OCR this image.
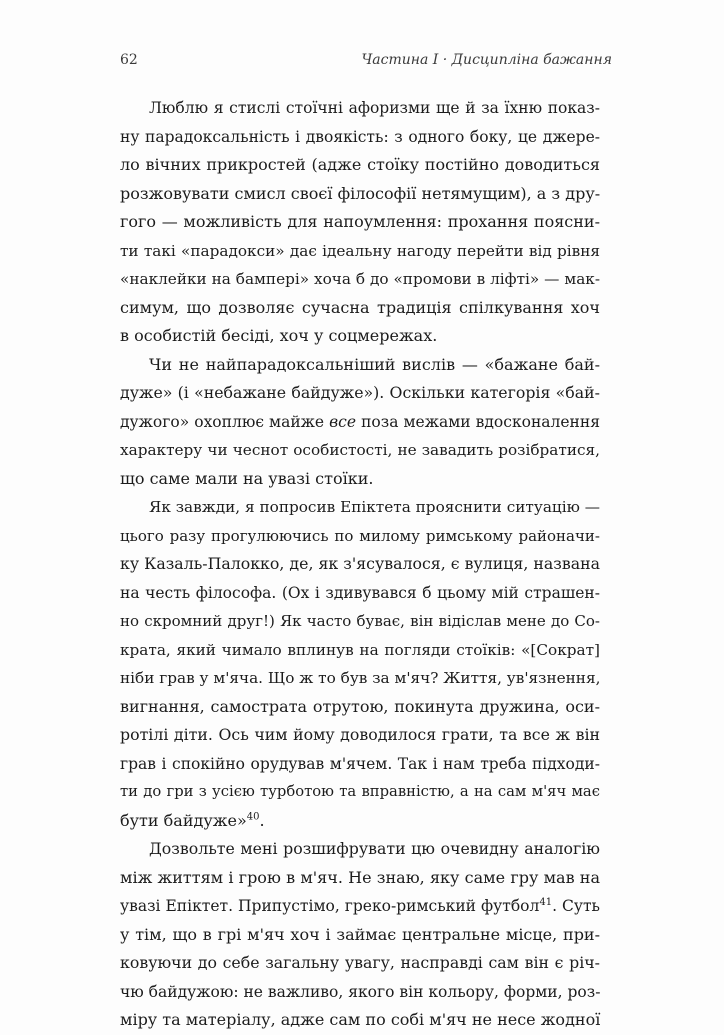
62	Частина I · Дисципліна бажання
Люблю я стислі стоїчні афоризми ще й за їхню показ-
ну парадоксальність і двоякість: з одного боку, це джере-
ло вічних прикростей (адже стоїку постійно доводиться
розжовувати смисл своєї філософії нетямущим), а з дру-
гого — можливість для напоумлення: прохання поясни-
ти такі «парадокси» дає ідеальну нагоду перейти від рівня
«наклейки на бампері» хоча б до «промови в ліфті» — мак-
симум, що дозволяє сучасна традиція спілкування хоч
в особистій бесіді, хоч у соцмережах.
Чи не найпарадоксальніший вислів — «бажане бай-
дуже» (і «небажане байдуже»). Оскільки категорія «бай-
дужого» охоплює майже все поза межами вдосконалення
характеру чи чеснот особистості, не завадить розібратися,
що саме мали на увазі стоїки.
Як завжди, я попросив Епіктета прояснити ситуацію —
цього разу прогулюючись по милому римському районачи-
ку Казаль-Палокко, де, як з'ясувалося, є вулиця, названа
на честь філософа. (Ох і здивувався б цьому мій страшен-
но скромний друг!) Як часто буває, він відіслав мене до Со-
крата, який чимало вплинув на погляди стоїків: «[Сократ]
ніби грав у м'яча. Що ж то був за м'яч? Життя, ув'язнення,
вигнання, самострата отрутою, покинута дружина, оси-
ротілі діти. Ось чим йому доводилося грати, та все ж він
грав і спокійно орудував м'ячем. Так і нам треба підходи-
ти до гри з усією турботою та вправністю, а на сам м'яч має
бути байдуже»$^{40}$.
Дозвольте мені розшифрувати цю очевидну аналогію
між життям і грою в м'яч. Не знаю, яку саме гру мав на
увазі Епіктет. Припустімо, греко-римський футбол$^{41}$. Суть
у тім, що в грі м'яч хоч і займає центральне місце, при-
ковуючи до себе загальну увагу, насправді сам він є річ-
чю байдужою: не важливо, якого він кольору, форми, роз-
міру та матеріалу, адже сам по собі м'яч не несе жодної
